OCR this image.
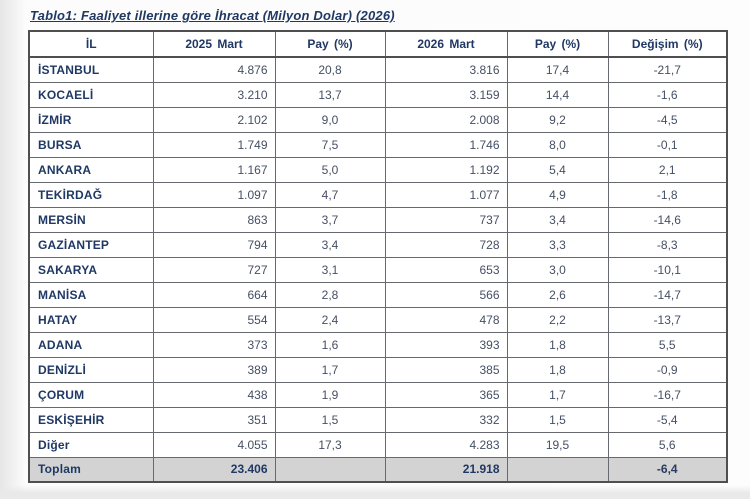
Tablo1: Faaliyet illerine göre İhracat (Milyon Dolar) (2026)
İL	2025 Mart	Pay (%)	2026 Mart	Pay (%)	Değişim (%)
İSTANBUL	4.876	20,8	3.816	17,4	-21,7
KOCAELİ	3.210	13,7	3.159	14,4	-1,6
İZMİR	2.102	9,0	2.008	9,2	-4,5
BURSA	1.749	7,5	1.746	8,0	-0,1
ANKARA	1.167	5,0	1.192	5,4	2,1
TEKİRDAĞ	1.097	4,7	1.077	4,9	-1,8
MERSİN	863	3,7	737	3,4	-14,6
GAZİANTEP	794	3,4	728	3,3	-8,3
SAKARYA	727	3,1	653	3,0	-10,1
MANİSA	664	2,8	566	2,6	-14,7
HATAY	554	2,4	478	2,2	-13,7
ADANA	373	1,6	393	1,8	5,5
DENİZLİ	389	1,7	385	1,8	-0,9
ÇORUM	438	1,9	365	1,7	-16,7
ESKİŞEHİR	351	1,5	332	1,5	-5,4
Diğer	4.055	17,3	4.283	19,5	5,6
Toplam	23.406		21.918		-6,4
